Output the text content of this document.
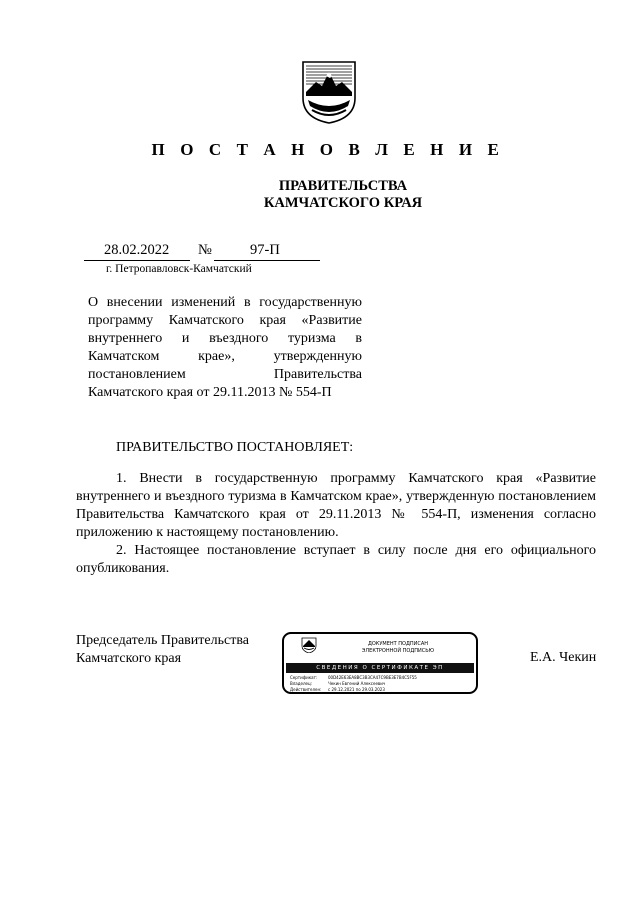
П О С Т А Н О В Л Е Н И Е
ПРАВИТЕЛЬСТВА
КАМЧАТСКОГО КРАЯ
28.02.2022 №	97-П
г. Петропавловск-Камчатский
О внесении изменений в государственную
программу Камчатского края «Развитие
внутреннего и въездного туризма в
Камчатском крае», утвержденную
постановлением Правительства
Камчатского края от 29.11.2013 № 554-П
ПРАВИТЕЛЬСТВО ПОСТАНОВЛЯЕТ:

1. Внести в государственную программу Камчатского края «Развитие внутреннего и въездного туризма в Камчатском крае», утвержденную постановлением Правительства Камчатского края от 29.11.2013 № 554-П, изменения согласно приложению к настоящему постановлению.

2. Настоящее постановление вступает в силу после дня его официального опубликования.

Председатель Правительства
Камчатского края	Е.А. Чекин
ДОКУМЕНТ ПОДПИСАН
ЭЛЕКТРОННОЙ ПОДПИСЬЮ
СВЕДЕНИЯ О СЕРТИФИКАТЕ ЭП
Сертификат:	00D42E63EA8BC3B3CA47C9BE3E7B4C5F55
Владелец:	Чекин Евгений Алексеевич
Действителен:	с 29.12.2021 по 29.03.2023
